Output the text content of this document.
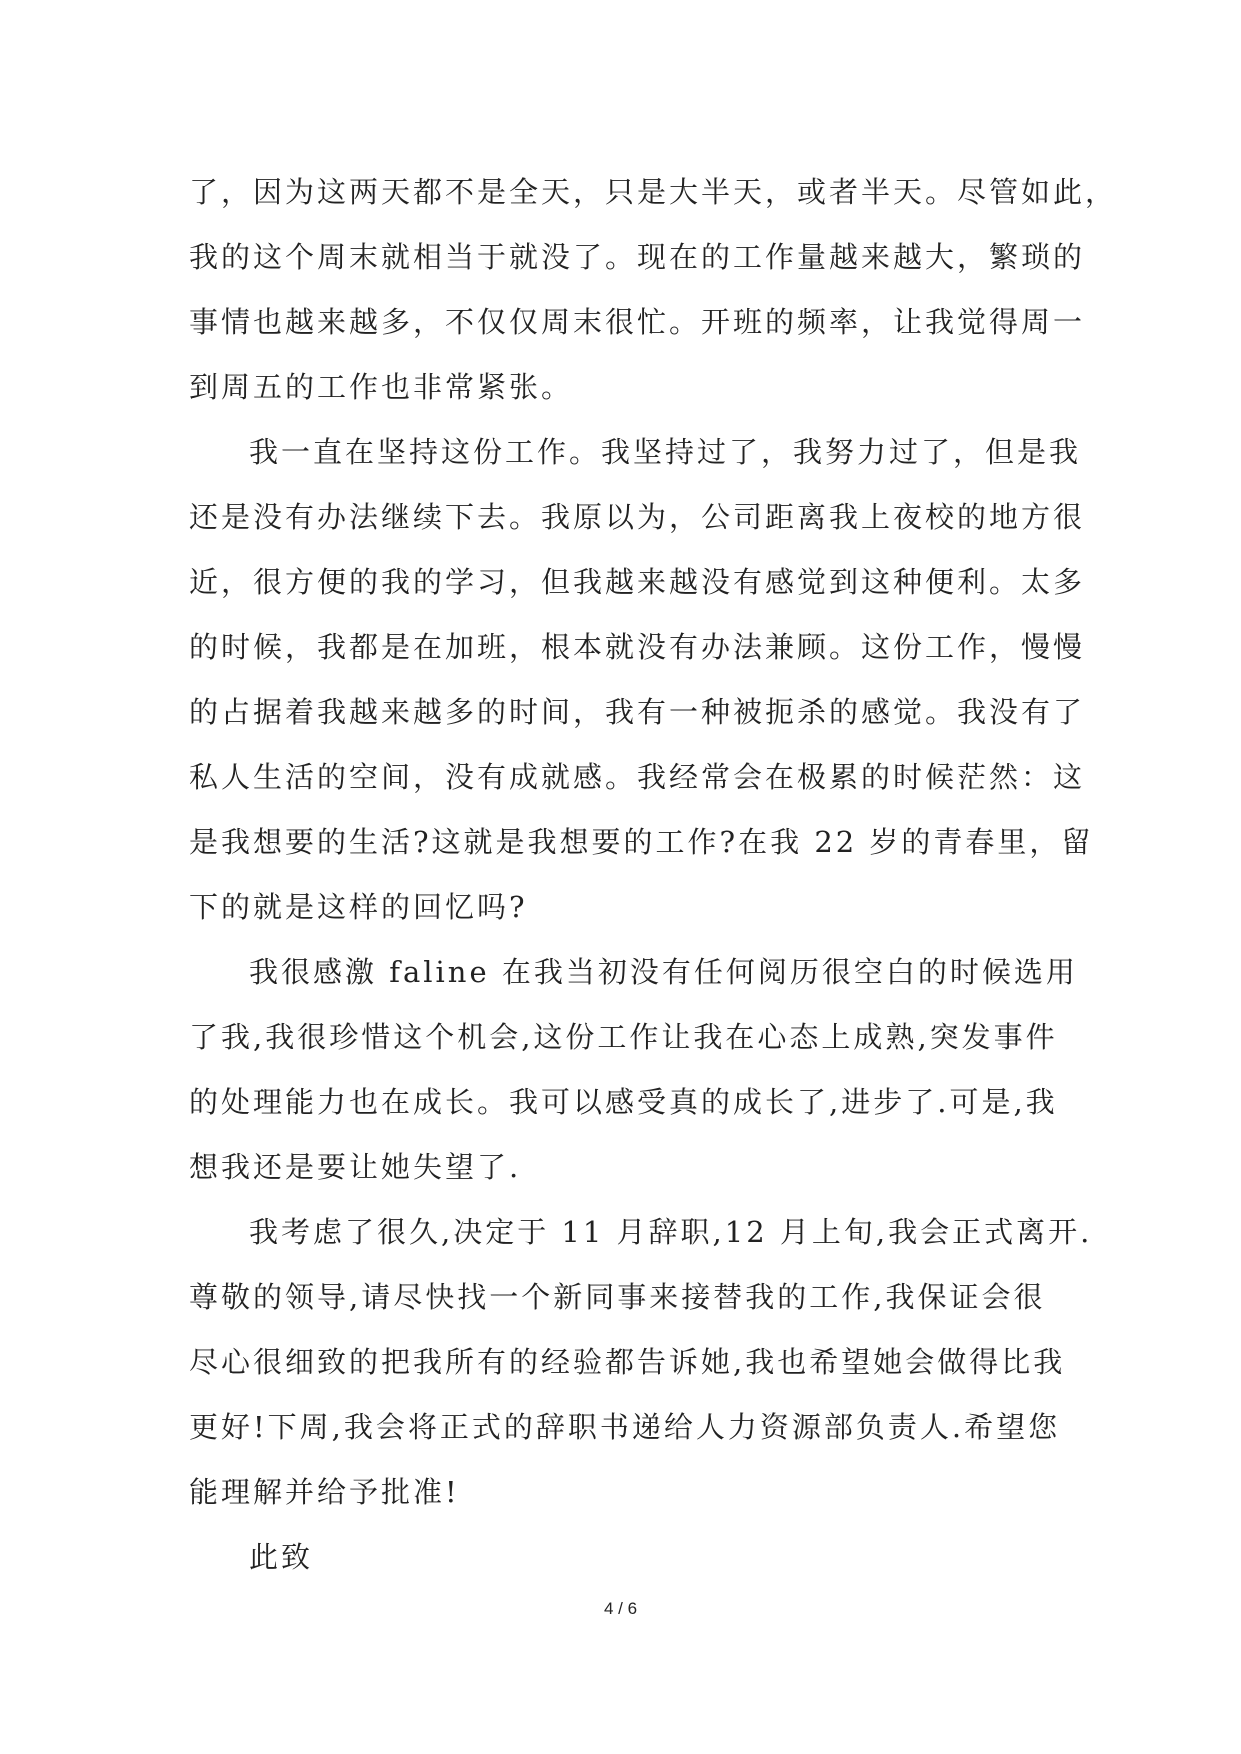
了，因为这两天都不是全天，只是大半天，或者半天。尽管如此，
我的这个周末就相当于就没了。现在的工作量越来越大，繁琐的
事情也越来越多，不仅仅周末很忙。开班的频率，让我觉得周一
到周五的工作也非常紧张。

我一直在坚持这份工作。我坚持过了，我努力过了，但是我
还是没有办法继续下去。我原以为，公司距离我上夜校的地方很
近，很方便的我的学习，但我越来越没有感觉到这种便利。太多
的时候，我都是在加班，根本就没有办法兼顾。这份工作，慢慢
的占据着我越来越多的时间，我有一种被扼杀的感觉。我没有了
私人生活的空间，没有成就感。我经常会在极累的时候茫然：这
是我想要的生活?这就是我想要的工作?在我 22 岁的青春里，留
下的就是这样的回忆吗?

我很感激 faline 在我当初没有任何阅历很空白的时候选用
了我,我很珍惜这个机会,这份工作让我在心态上成熟,突发事件
的处理能力也在成长。我可以感受真的成长了,进步了.可是,我
想我还是要让她失望了.

我考虑了很久,决定于 11 月辞职,12 月上旬,我会正式离开.
尊敬的领导,请尽快找一个新同事来接替我的工作,我保证会很
尽心很细致的把我所有的经验都告诉她,我也希望她会做得比我
更好!下周,我会将正式的辞职书递给人力资源部负责人.希望您
能理解并给予批准!

此致

4 / 6
